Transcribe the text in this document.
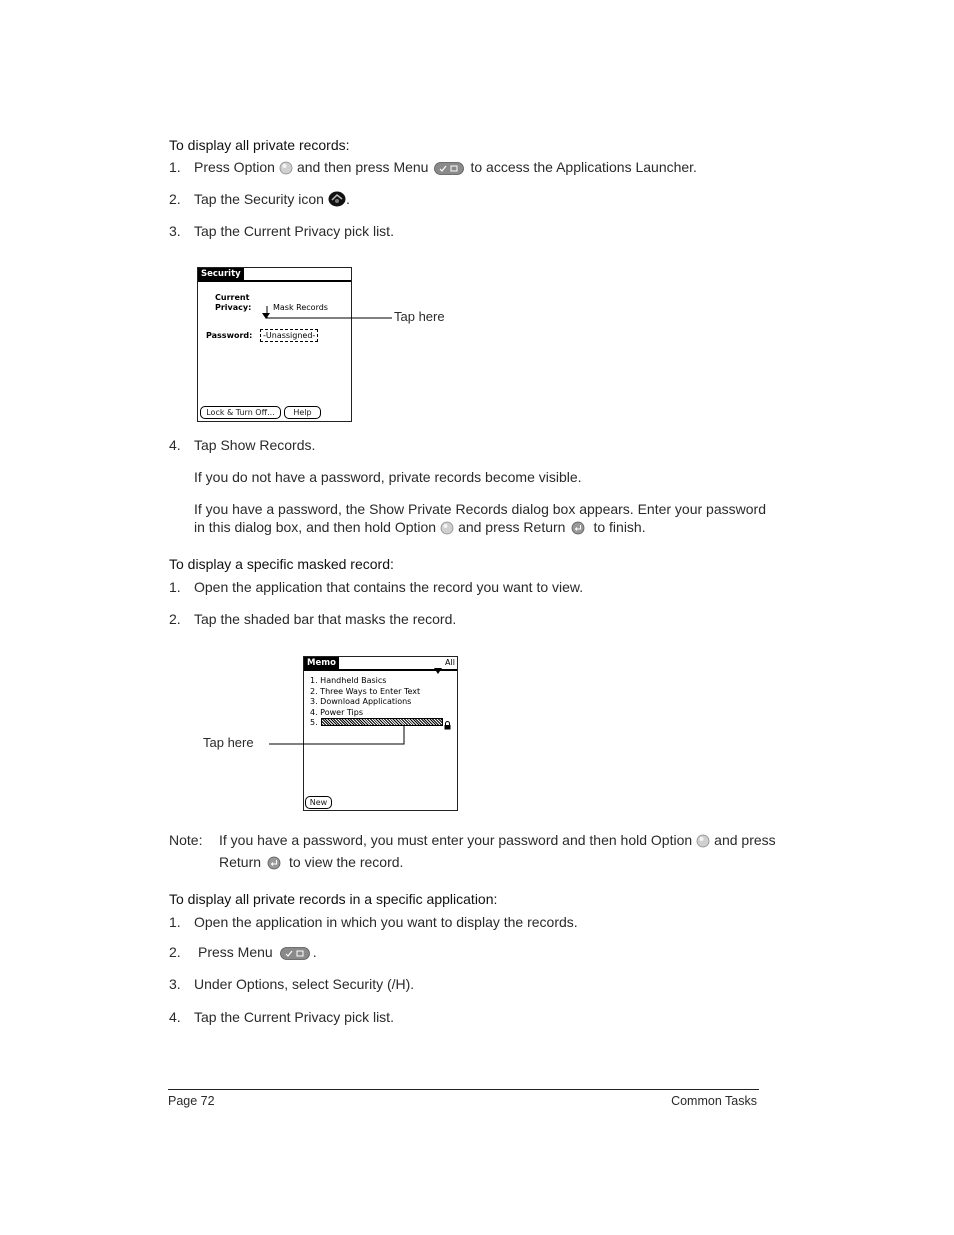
To display all private records:
1. Press Option and then press Menu	to access the Applications Launcher.
2. Tap the Security icon .
3. Tap the Current Privacy pick list.
Security
Current
Privacy:	Mask Records
Password:	-Unassigned-
Lock & Turn Off...	Help
Tap here
4. Tap Show Records.
If you do not have a password, private records become visible.
If you have a password, the Show Private Records dialog box appears. Enter your password
in this dialog box, and then hold Option and press Return to finish.
To display a specific masked record:
1. Open the application that contains the record you want to view.
2. Tap the shaded bar that masks the record.
Memo	All
1. Handheld Basics
2. Three Ways to Enter Text
3. Download Applications
4. Power Tips
5.
New
Tap here
Note: If you have a password, you must enter your password and then hold Option and press
Return to view the record.
To display all private records in a specific application:
1. Open the application in which you want to display the records.
2. Press Menu	.
3. Under Options, select Security (/H).
4. Tap the Current Privacy pick list.
Page 72	Common Tasks
